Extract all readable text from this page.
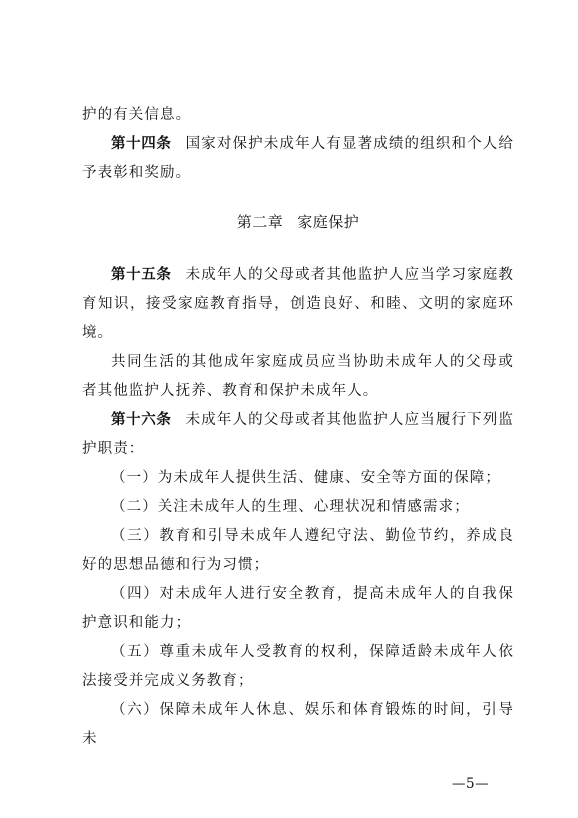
护的有关信息。

第十四条 国家对保护未成年人有显著成绩的组织和个人给予表彰和奖励。

第二章 家庭保护

第十五条 未成年人的父母或者其他监护人应当学习家庭教育知识，接受家庭教育指导，创造良好、和睦、文明的家庭环境。

共同生活的其他成年家庭成员应当协助未成年人的父母或者其他监护人抚养、教育和保护未成年人。

第十六条 未成年人的父母或者其他监护人应当履行下列监护职责：

（一）为未成年人提供生活、健康、安全等方面的保障；

（二）关注未成年人的生理、心理状况和情感需求；

（三）教育和引导未成年人遵纪守法、勤俭节约，养成良好的思想品德和行为习惯；

（四）对未成年人进行安全教育，提高未成年人的自我保护意识和能力；

（五）尊重未成年人受教育的权利，保障适龄未成年人依法接受并完成义务教育；

（六）保障未成年人休息、娱乐和体育锻炼的时间，引导未

—5—
